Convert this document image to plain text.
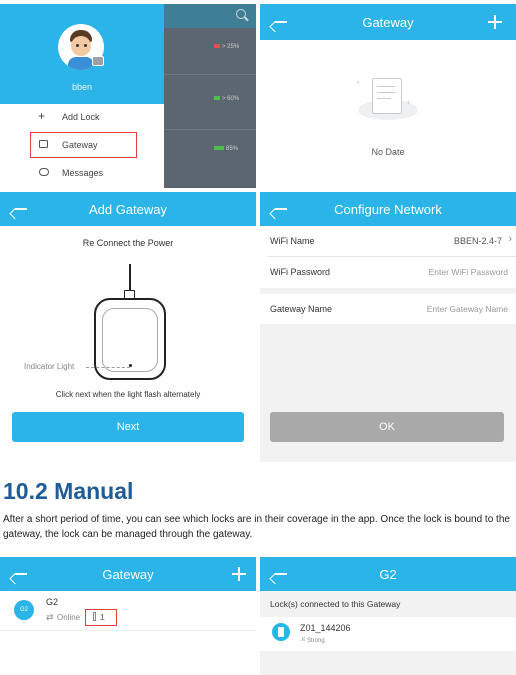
> 25%
> 60%
85%
bben
+ Add Lock
Gateway
Messages
Gateway
+
+
No Date
Add Gateway
Re Connect the Power
Indicator Light
Click next when the light flash alternately
Next
Configure Network
WiFi Name	BBEN-2.4-7 ›
WiFi Password	Enter WiFi Password
Gateway Name	Enter Gateway Name
OK
10.2 Manual
After a short period of time, you can see which locks are in their coverage in the app. Once the lock is bound to the gateway, the lock can be managed through the gateway.
Gateway
G2
G2
⇄ Online 1
G2
Lock(s) connected to this Gateway
Z01_144206
.ıl Strong
